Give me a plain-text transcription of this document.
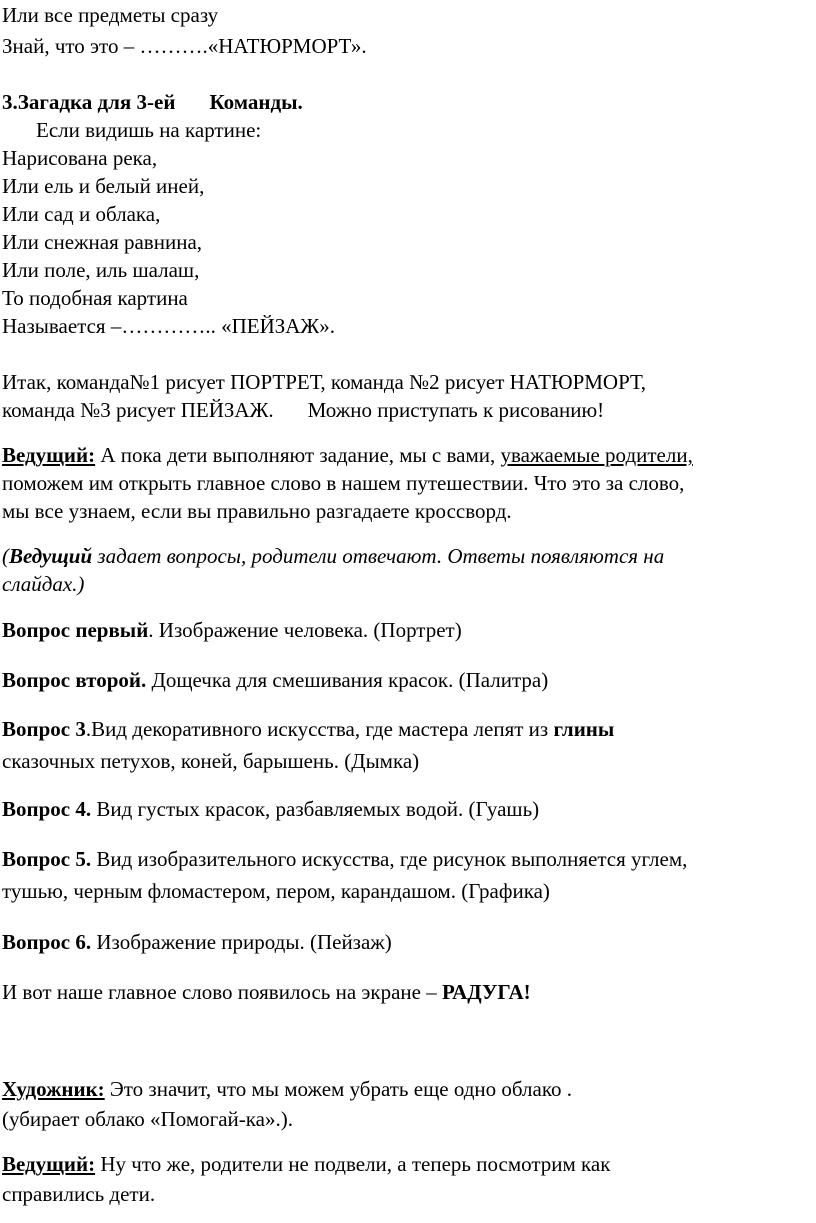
Или все предметы сразу
Знай, что это – ……….«НАТЮРМОРТ».
3.Загадка для 3-ей Команды.
Если видишь на картине:
Нарисована река,
Или ель и белый иней,
Или сад и облака,
Или снежная равнина,
Или поле, иль шалаш,
То подобная картина
Называется –………….. «ПЕЙЗАЖ».
Итак, команда№1 рисует ПОРТРЕТ, команда №2 рисует НАТЮРМОРТ,
команда №3 рисует ПЕЙЗАЖ. Можно приступать к рисованию!
Ведущий: А пока дети выполняют задание, мы с вами, уважаемые родители,
поможем им открыть главное слово в нашем путешествии. Что это за слово,
мы все узнаем, если вы правильно разгадаете кроссворд.
(Ведущий задает вопросы, родители отвечают. Ответы появляются на
слайдах.)
Вопрос первый. Изображение человека. (Портрет)
Вопрос второй. Дощечка для смешивания красок. (Палитра)
Вопрос 3.Вид декоративного искусства, где мастера лепят из глины
сказочных петухов, коней, барышень. (Дымка)
Вопрос 4. Вид густых красок, разбавляемых водой. (Гуашь)
Вопрос 5. Вид изобразительного искусства, где рисунок выполняется углем,
тушью, черным фломастером, пером, карандашом. (Графика)
Вопрос 6. Изображение природы. (Пейзаж)
И вот наше главное слово появилось на экране – РАДУГА!
Художник: Это значит, что мы можем убрать еще одно облако .
(убирает облако «Помогай-ка».).
Ведущий: Ну что же, родители не подвели, а теперь посмотрим как
справились дети.
